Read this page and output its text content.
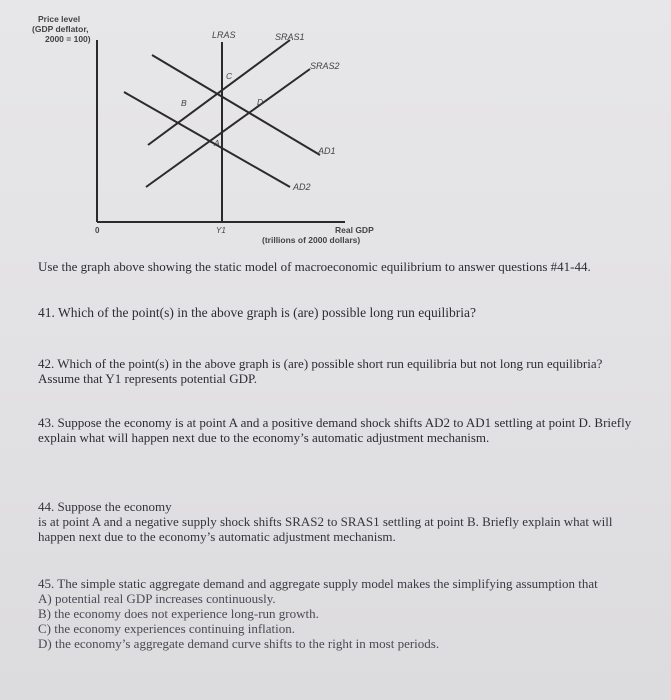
Price level
(GDP deflator,
2000 = 100)	LRAS	SRAS1
SRAS2
AD1
AD2
A
B
C
D
0	Y1	Real GDP
(trillions of 2000 dollars)

Use the graph above showing the static model of macroeconomic equilibrium to answer questions #41-44.

41. Which of the point(s) in the above graph is (are) possible long run equilibria?

42. Which of the point(s) in the above graph is (are) possible short run equilibria but not long run equilibria? Assume that Y1 represents potential GDP.

43. Suppose the economy is at point A and a positive demand shock shifts AD2 to AD1 settling at point D. Briefly explain what will happen next due to the economy’s automatic adjustment mechanism.

44. Suppose the economy

is at point A and a negative supply shock shifts SRAS2 to SRAS1 settling at point B. Briefly explain what will happen next due to the economy’s automatic adjustment mechanism.

45. The simple static aggregate demand and aggregate supply model makes the simplifying assumption that

A) potential real GDP increases continuously.
B) the economy does not experience long-run growth.
C) the economy experiences continuing inflation.
D) the economy’s aggregate demand curve shifts to the right in most periods.
